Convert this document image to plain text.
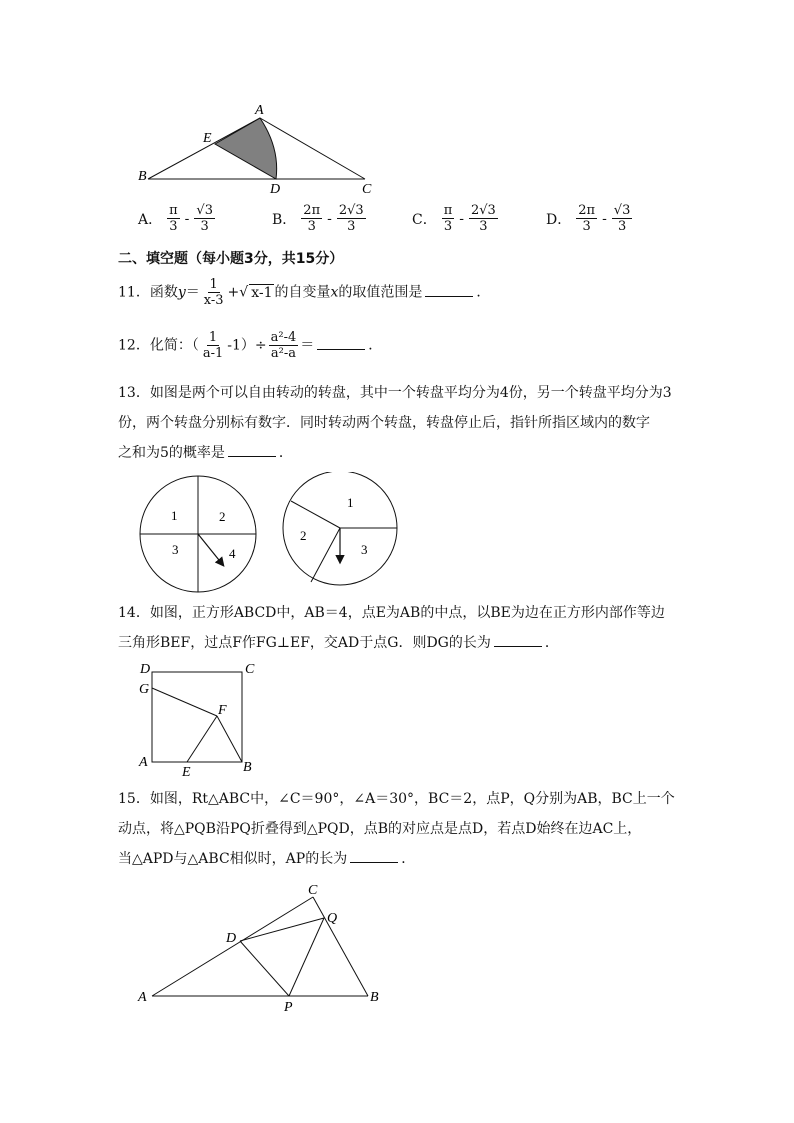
A
B
C
D
E
A． $\frac{\pi}{3} - \frac{√3}{3}$	B． $\frac{2\pi}{3} - \frac{2√3}{3}$	C． $\frac{\pi}{3} - \frac{2√3}{3}$	D． $\frac{2\pi}{3} - \frac{√3}{3}$
二、填空题（每小题3分，共15分）
11．函数$y= \frac{1}{x-3}$ +√ x-1 的自变量x的取值范围是	．
12．化简：（ $\frac{1}{a-1} -1)\div \frac{\text{a²-4}}{\text{a²-a}}$ ＝	．
13．如图是两个可以自由转动的转盘，其中一个转盘平均分为4份，另一个转盘平均分为3
份，两个转盘分别标有数字．同时转动两个转盘，转盘停止后，指针所指区域内的数字
之和为5的概率是	．
1	2
3	4
1
2
3
14．如图，正方形ABCD中，AB＝4，点E为AB的中点，以BE为边在正方形内部作等边
三角形BEF，过点F作FG⊥EF，交AD于点G．则DG的长为	．
D	C
G
F
A
E	B
15．如图，Rt△ABC中，∠C＝90°，∠A＝30°，BC＝2，点P，Q分别为AB，BC上一个
动点，将△PQB沿PQ折叠得到△PQD，点B的对应点是点D，若点D始终在边AC上，
当△APD与△ABC相似时，AP的长为	．
A	B
C
D
P
Q
